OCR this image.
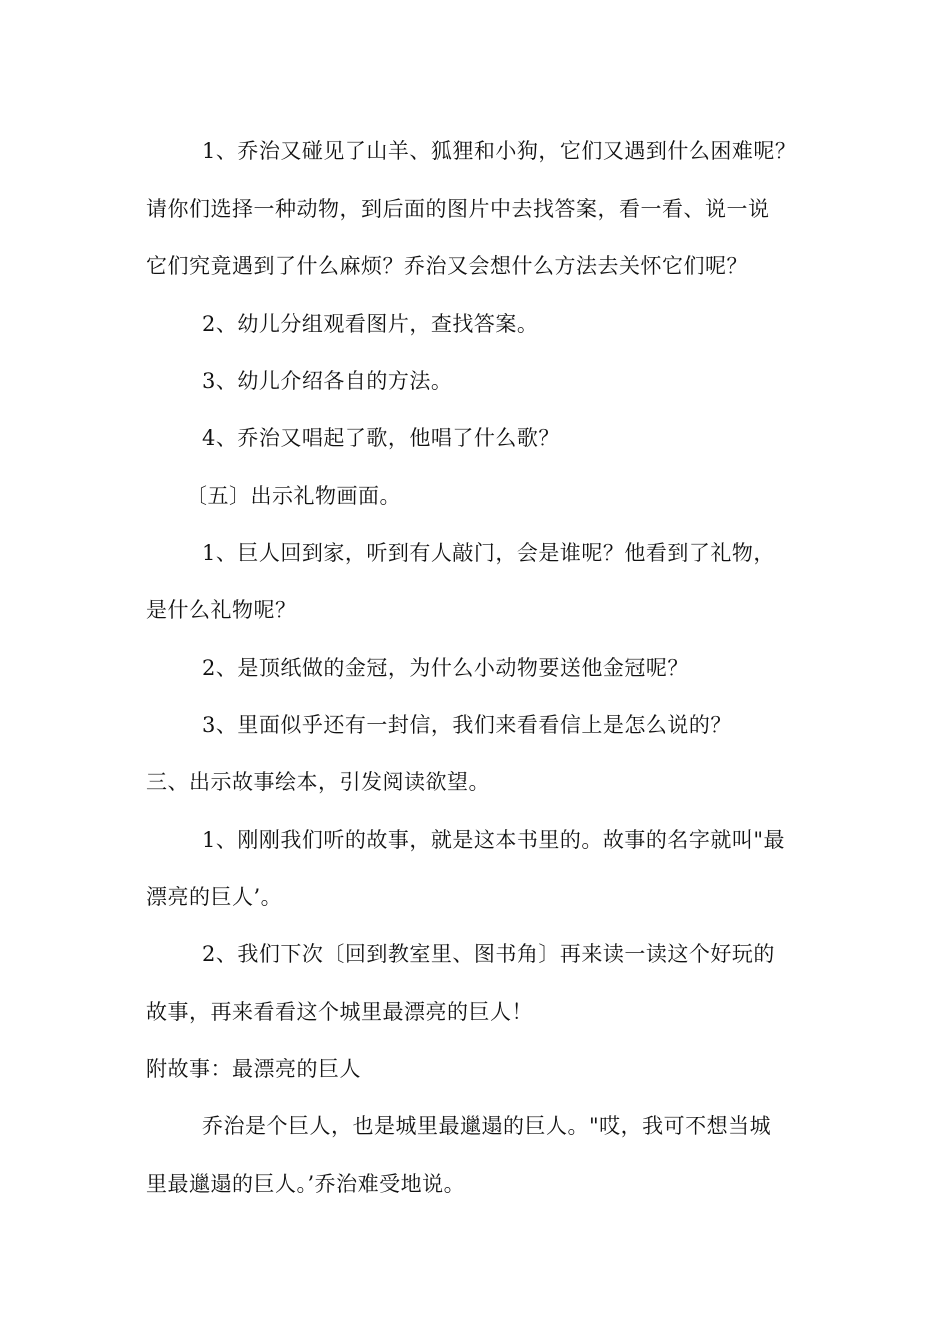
1、乔治又碰见了山羊、狐狸和小狗，它们又遇到什么困难呢？
请你们选择一种动物，到后面的图片中去找答案，看一看、说一说
它们究竟遇到了什么麻烦？乔治又会想什么方法去关怀它们呢？
2、幼儿分组观看图片，查找答案。
3、幼儿介绍各自的方法。
4、乔治又唱起了歌，他唱了什么歌？
〔五〕出示礼物画面。
1、巨人回到家，听到有人敲门，会是谁呢？他看到了礼物，
是什么礼物呢？
2、是顶纸做的金冠，为什么小动物要送他金冠呢？
3、里面似乎还有一封信，我们来看看信上是怎么说的？
三、出示故事绘本，引发阅读欲望。
1、刚刚我们听的故事，就是这本书里的。故事的名字就叫"最
漂亮的巨人’。
2、我们下次〔回到教室里、图书角〕再来读一读这个好玩的
故事，再来看看这个城里最漂亮的巨人！
附故事：最漂亮的巨人
乔治是个巨人，也是城里最邋遢的巨人。"哎，我可不想当城
里最邋遢的巨人。’乔治难受地说。
